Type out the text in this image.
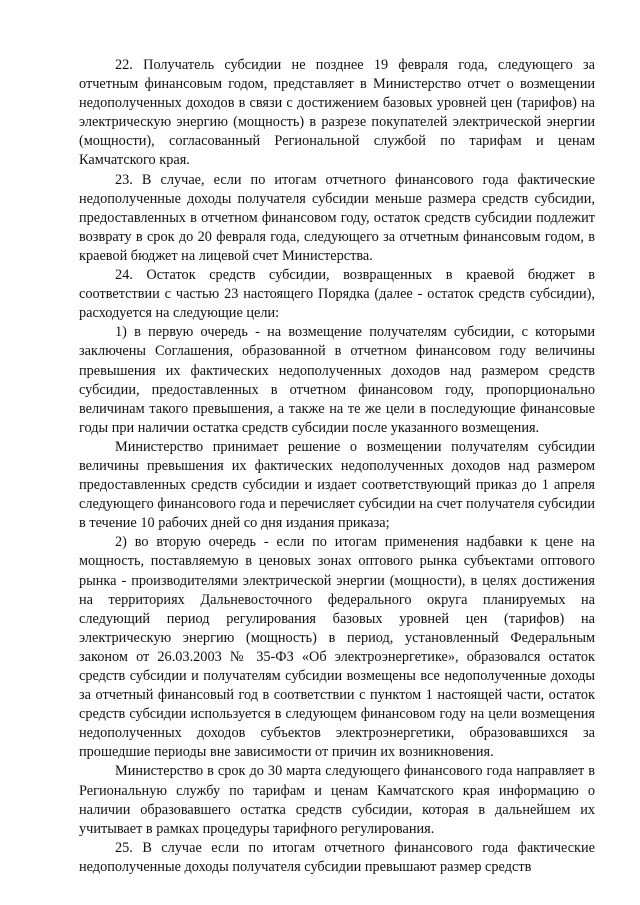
22. Получатель субсидии не позднее 19 февраля года, следующего за отчетным финансовым годом, представляет в Министерство отчет о возмещении недополученных доходов в связи с достижением базовых уровней цен (тарифов) на электрическую энергию (мощность) в разрезе покупателей электрической энергии (мощности), согласованный Региональной службой по тарифам и ценам Камчатского края.

23. В случае, если по итогам отчетного финансового года фактические недополученные доходы получателя субсидии меньше размера средств субсидии, предоставленных в отчетном финансовом году, остаток средств субсидии подлежит возврату в срок до 20 февраля года, следующего за отчетным финансовым годом, в краевой бюджет на лицевой счет Министерства.

24. Остаток средств субсидии, возвращенных в краевой бюджет в соответствии с частью 23 настоящего Порядка (далее - остаток средств субсидии), расходуется на следующие цели:

1) в первую очередь - на возмещение получателям субсидии, с которыми заключены Соглашения, образованной в отчетном финансовом году величины превышения их фактических недополученных доходов над размером средств субсидии, предоставленных в отчетном финансовом году, пропорционально величинам такого превышения, а также на те же цели в последующие финансовые годы при наличии остатка средств субсидии после указанного возмещения.

Министерство принимает решение о возмещении получателям субсидии величины превышения их фактических недополученных доходов над размером предоставленных средств субсидии и издает соответствующий приказ до 1 апреля следующего финансового года и перечисляет субсидии на счет получателя субсидии в течение 10 рабочих дней со дня издания приказа;

2) во вторую очередь - если по итогам применения надбавки к цене на мощность, поставляемую в ценовых зонах оптового рынка субъектами оптового рынка - производителями электрической энергии (мощности), в целях достижения на территориях Дальневосточного федерального округа планируемых на следующий период регулирования базовых уровней цен (тарифов) на электрическую энергию (мощность) в период, установленный Федеральным законом от 26.03.2003 № 35-ФЗ «Об электроэнергетике», образовался остаток средств субсидии и получателям субсидии возмещены все недополученные доходы за отчетный финансовый год в соответствии с пунктом 1 настоящей части, остаток средств субсидии используется в следующем финансовом году на цели возмещения недополученных доходов субъектов электроэнергетики, образовавшихся за прошедшие периоды вне зависимости от причин их возникновения.

Министерство в срок до 30 марта следующего финансового года направляет в Региональную службу по тарифам и ценам Камчатского края информацию о наличии образовавшего остатка средств субсидии, которая в дальнейшем их учитывает в рамках процедуры тарифного регулирования.

25. В случае если по итогам отчетного финансового года фактические недополученные доходы получателя субсидии превышают размер средств
